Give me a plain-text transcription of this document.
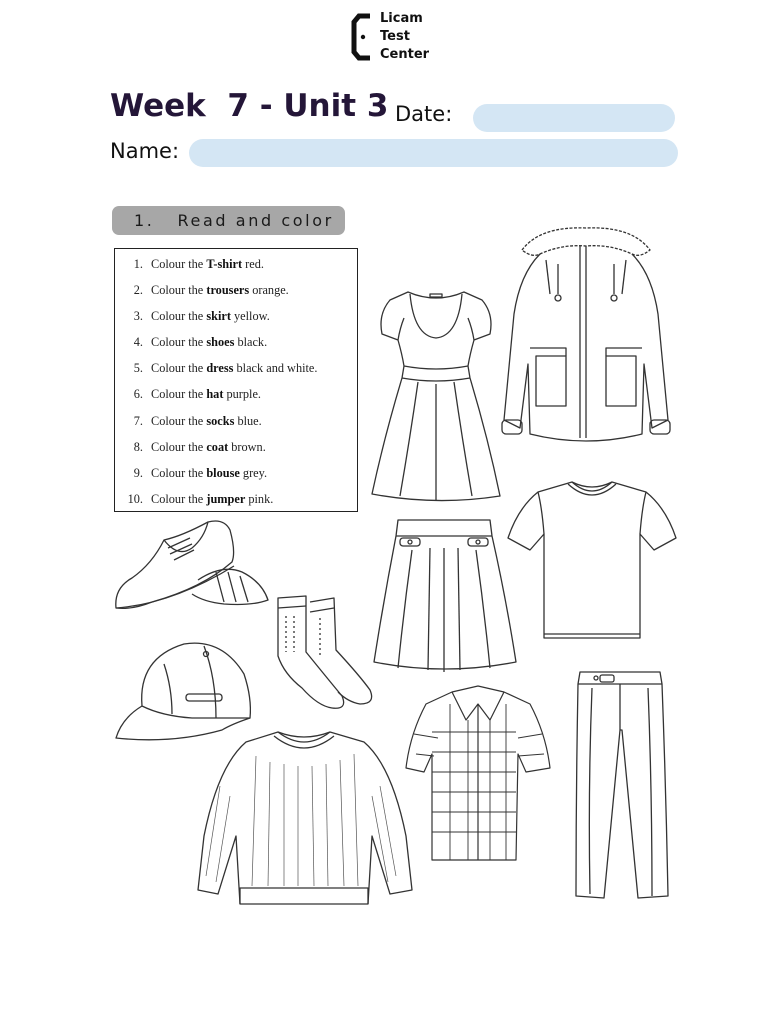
Licam
Test
Center
Week  7 - Unit 3 Date:
Name:
1.   Read and color
1. Colour the T-shirt red.
2. Colour the trousers orange.
3. Colour the skirt yellow.
4. Colour the shoes black.
5. Colour the dress black and white.
6. Colour the hat purple.
7. Colour the socks blue.
8. Colour the coat brown.
9. Colour the blouse grey.
10. Colour the jumper pink.
